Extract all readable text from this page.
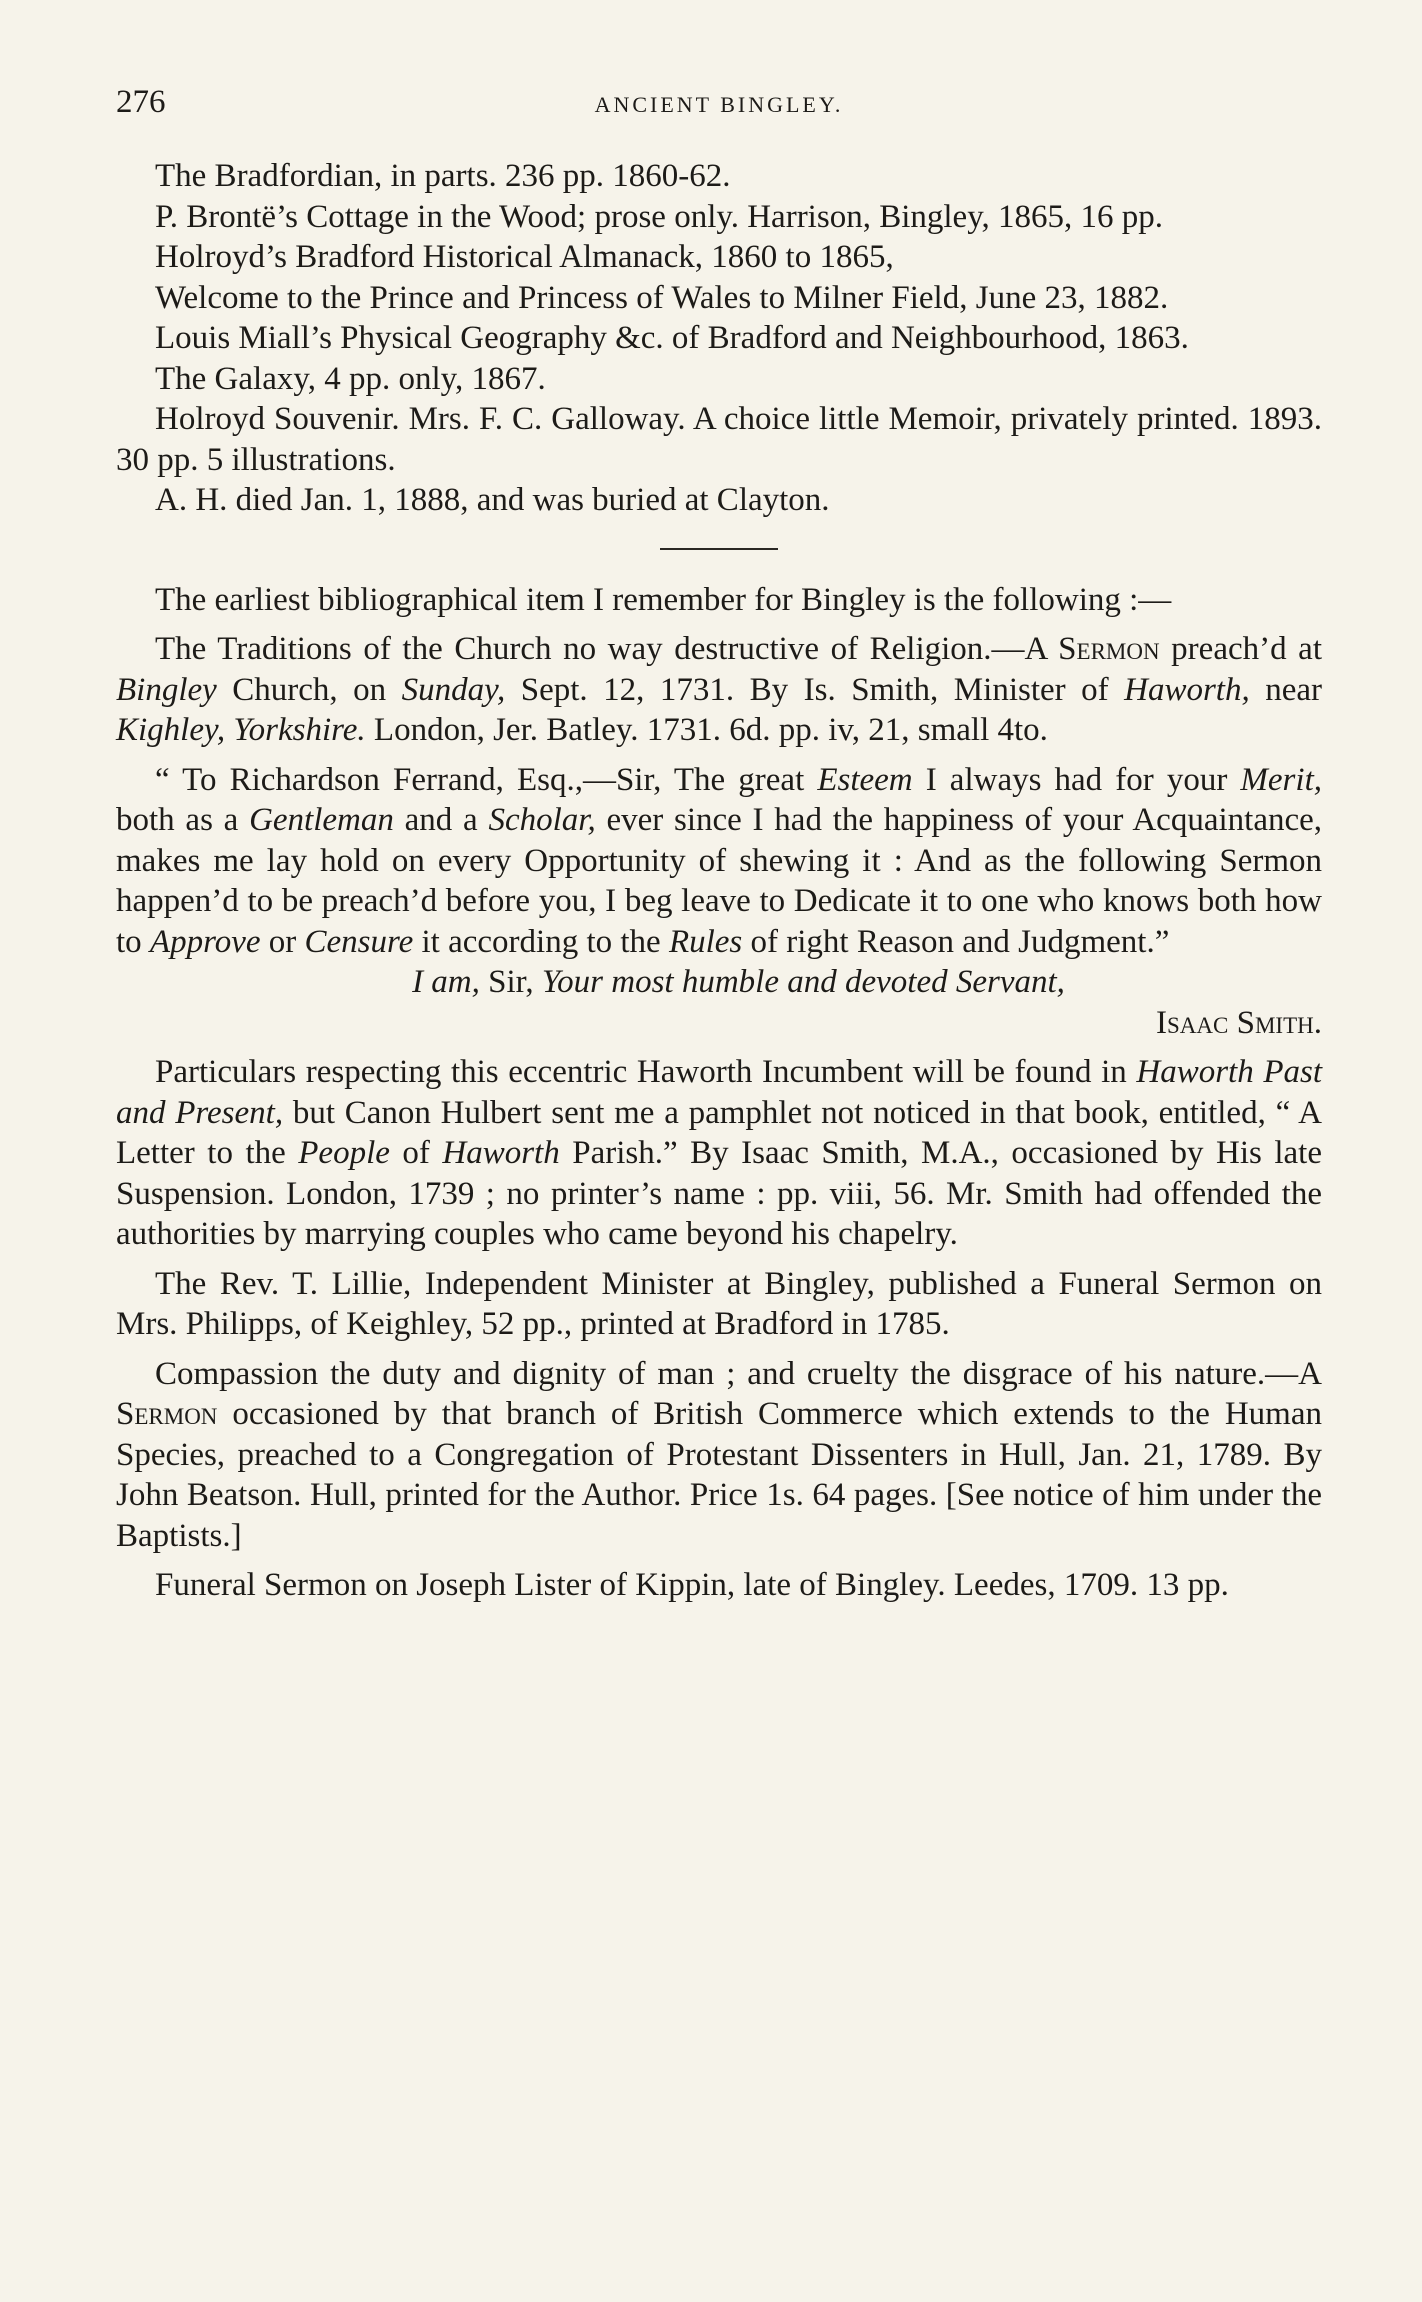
276	ANCIENT BINGLEY.

The Bradfordian, in parts. 236 pp. 1860-62.

P. Brontë’s Cottage in the Wood; prose only. Harrison, Bingley, 1865, 16 pp.

Holroyd’s Bradford Historical Almanack, 1860 to 1865,

Welcome to the Prince and Princess of Wales to Milner Field, June 23, 1882.

Louis Miall’s Physical Geography &c. of Bradford and Neighbourhood, 1863.

The Galaxy, 4 pp. only, 1867.

Holroyd Souvenir. Mrs. F. C. Galloway. A choice little Memoir, privately printed. 1893. 30 pp. 5 illustrations.

A. H. died Jan. 1, 1888, and was buried at Clayton.

The earliest bibliographical item I remember for Bingley is the following :—

The Traditions of the Church no way destructive of Religion.—A Sermon preach’d at Bingley Church, on Sunday, Sept. 12, 1731. By Is. Smith, Minister of Haworth, near Kighley, Yorkshire. London, Jer. Batley. 1731. 6d. pp. iv, 21, small 4to.

“ To Richardson Ferrand, Esq.,—Sir, The great Esteem I always had for your Merit, both as a Gentleman and a Scholar, ever since I had the happiness of your Acquaintance, makes me lay hold on every Opportunity of shewing it : And as the following Sermon happen’d to be preach’d before you, I beg leave to Dedicate it to one who knows both how to Approve or Censure it according to the Rules of right Reason and Judgment.”

I am, Sir, Your most humble and devoted Servant,

Isaac Smith.

Particulars respecting this eccentric Haworth Incumbent will be found in Haworth Past and Present, but Canon Hulbert sent me a pamphlet not noticed in that book, entitled, “ A Letter to the People of Haworth Parish.” By Isaac Smith, M.A., occasioned by His late Suspension. London, 1739 ; no printer’s name : pp. viii, 56. Mr. Smith had offended the authorities by marrying couples who came beyond his chapelry.

The Rev. T. Lillie, Independent Minister at Bingley, published a Funeral Sermon on Mrs. Philipps, of Keighley, 52 pp., printed at Bradford in 1785.

Compassion the duty and dignity of man ; and cruelty the disgrace of his nature.—A Sermon occasioned by that branch of British Commerce which extends to the Human Species, preached to a Congregation of Protestant Dissenters in Hull, Jan. 21, 1789. By John Beatson. Hull, printed for the Author. Price 1s. 64 pages. [See notice of him under the Baptists.]

Funeral Sermon on Joseph Lister of Kippin, late of Bingley. Leedes, 1709. 13 pp.
